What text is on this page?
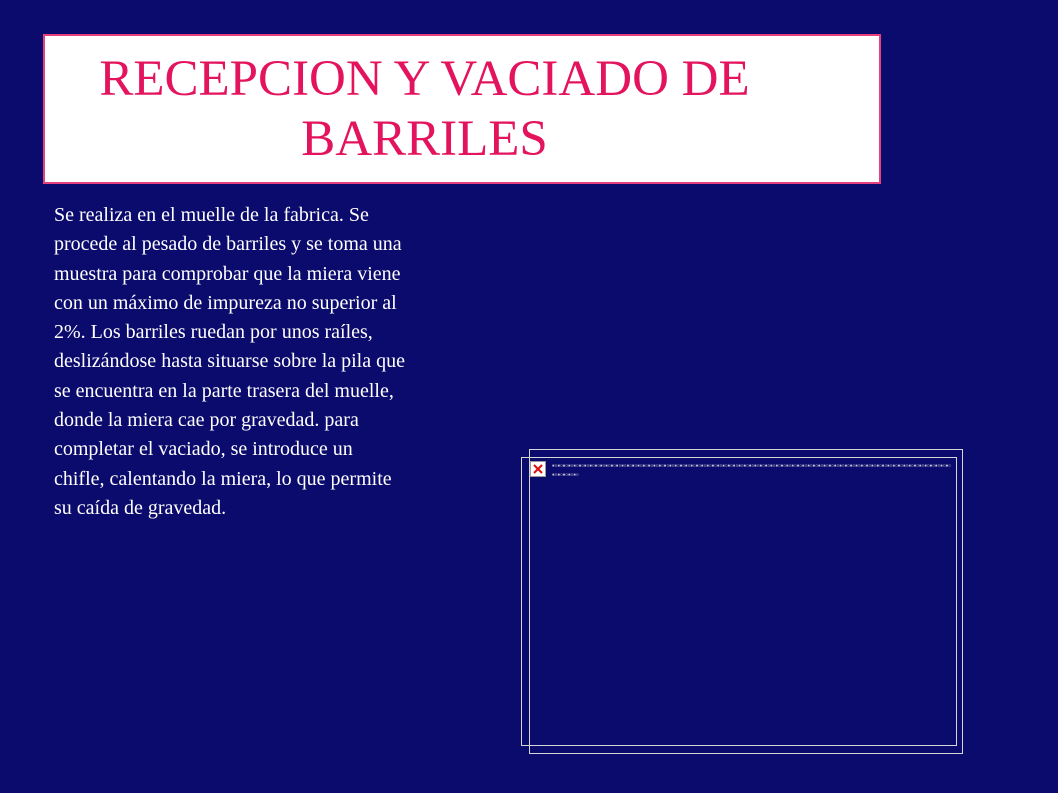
RECEPCION Y VACIADO DE BARRILES
Se realiza en el muelle de la fabrica. Se
procede al pesado de barriles y se toma una
muestra para comprobar que la miera viene
con un máximo de impureza no superior al
2%. Los barriles ruedan por unos raíles,
deslizándose hasta situarse sobre la pila que
se encuentra en la parte trasera del muelle,
donde la miera cae por gravedad. para
completar el vaciado, se introduce un
chifle, calentando la miera, lo que permite
su caída de gravedad.
▪▫▪▫▪▫▪▫▪▫▪▫▪▫▪▫▪▫▪▫▪▫▪▫▪▫▪▫▪▫▪▫▪▫▪▫▪▫▪▫▪▫▪▫▪▫▪▫▪▫▪▫▪▫▪▫▪▫▪▫▪▫▪▫▪▫▪▫▪▫▪▫▪▫▪▫▪▫▪▫▪▫▪▫▪▫▪▫▪▫▪▫▪▫▪▫▪▫▪▫▪▫▪▫▪▫▪▫▪▫▪▫▪▫▪▫▪▫▪▫▪▫▪▫▪▫▪▫▪▫▪▫▪▫▪▫▪▫▪▫▪▫▪▫▪▫▪▫▪▫▪▫▪▫▪▫▪▫▪▫
